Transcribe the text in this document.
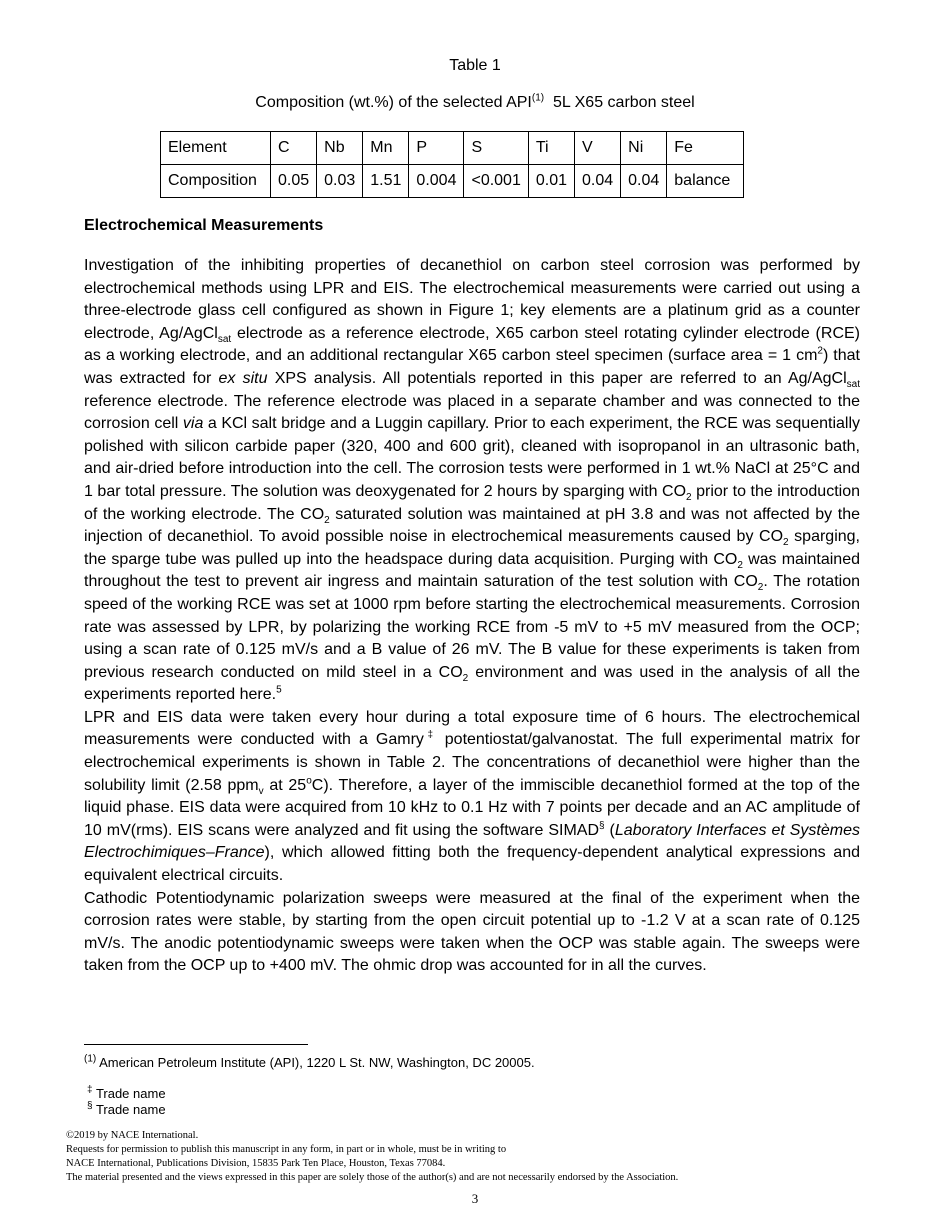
Table 1
Composition (wt.%) of the selected API$^{(1)}$  5L X65 carbon steel
Element	C	Nb	Mn	P	S	Ti	V	Ni	Fe
Composition	0.05	0.03	1.51	0.004	<0.001	0.01	0.04	0.04	balance
Electrochemical Measurements

Investigation of the inhibiting properties of decanethiol on carbon steel corrosion was performed by electrochemical methods using LPR and EIS. The electrochemical measurements were carried out using a three-electrode glass cell configured as shown in Figure 1; key elements are a platinum grid as a counter electrode, Ag/AgCl$_{sat}$ electrode as a reference electrode, X65 carbon steel rotating cylinder electrode (RCE) as a working electrode, and an additional rectangular X65 carbon steel specimen (surface area = 1 $cm^2$) that was extracted for ex situ XPS analysis. All potentials reported in this paper are referred to an Ag/AgCl$_{sat}$ reference electrode. The reference electrode was placed in a separate chamber and was connected to the corrosion cell via a KCl salt bridge and a Luggin capillary. Prior to each experiment, the RCE was sequentially polished with silicon carbide paper (320, 400 and 600 grit), cleaned with isopropanol in an ultrasonic bath, and air-dried before introduction into the cell. The corrosion tests were performed in 1 wt.% NaCl at 25°C and 1 bar total pressure. The solution was deoxygenated for 2 hours by sparging with $CO_2$ prior to the introduction of the working electrode. The $CO_2$ saturated solution was maintained at pH 3.8 and was not affected by the injection of decanethiol. To avoid possible noise in electrochemical measurements caused by $CO_2$ sparging, the sparge tube was pulled up into the headspace during data acquisition. Purging with $CO_2$ was maintained throughout the test to prevent air ingress and maintain saturation of the test solution with $CO_2$. The rotation speed of the working RCE was set at 1000 rpm before starting the electrochemical measurements. Corrosion rate was assessed by LPR, by polarizing the working RCE from -5 mV to +5 mV measured from the OCP; using a scan rate of 0.125 mV/s and a B value of 26 mV. The B value for these experiments is taken from previous research conducted on mild steel in a $CO_2$ environment and was used in the analysis of all the experiments reported here.$^5$

LPR and EIS data were taken every hour during a total exposure time of 6 hours. The electrochemical measurements were conducted with a Gamry‡ potentiostat/galvanostat. The full experimental matrix for electrochemical experiments is shown in Table 2. The concentrations of decanethiol were higher than the solubility limit (2.58 ppm$_v$ at 25$^o$C). Therefore, a layer of the immiscible decanethiol formed at the top of the liquid phase. EIS data were acquired from 10 kHz to 0.1 Hz with 7 points per decade and an AC amplitude of 10 mV(rms). EIS scans were analyzed and fit using the software SIMAD§ (Laboratory Interfaces et Systèmes Electrochimiques–France), which allowed fitting both the frequency-dependent analytical expressions and equivalent electrical circuits.

Cathodic Potentiodynamic polarization sweeps were measured at the final of the experiment when the corrosion rates were stable, by starting from the open circuit potential up to -1.2 V at a scan rate of 0.125 mV/s. The anodic potentiodynamic sweeps were taken when the OCP was stable again. The sweeps were taken from the OCP up to +400 mV. The ohmic drop was accounted for in all the curves.

$^{(1)}$ American Petroleum Institute (API), 1220 L St. NW, Washington, DC 20005.
‡ Trade name
§ Trade name
©2019 by NACE International.
Requests for permission to publish this manuscript in any form, in part or in whole, must be in writing to
NACE International, Publications Division, 15835 Park Ten Place, Houston, Texas 77084.
The material presented and the views expressed in this paper are solely those of the author(s) and are not necessarily endorsed by the Association.
3
